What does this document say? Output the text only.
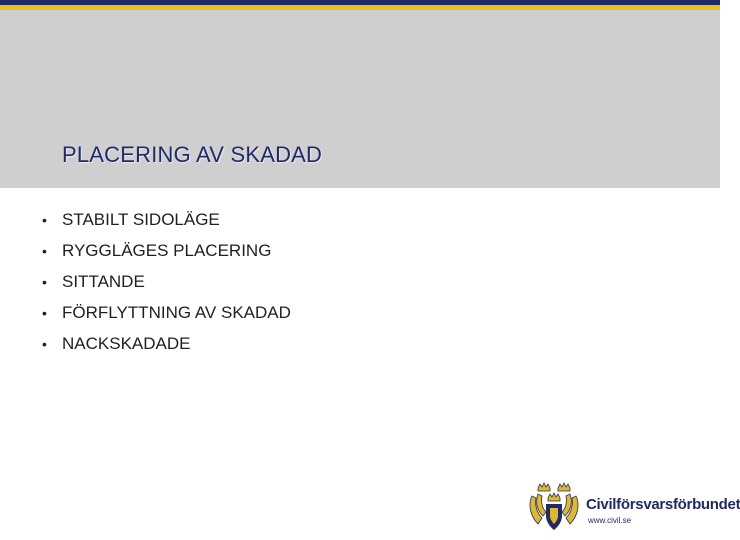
PLACERING AV SKADAD
• STABILT SIDOLÄGE
• RYGGLÄGES PLACERING
• SITTANDE
• FÖRFLYTTNING AV SKADAD
• NACKSKADADE
Civilförsvarsförbundet
www.civil.se
